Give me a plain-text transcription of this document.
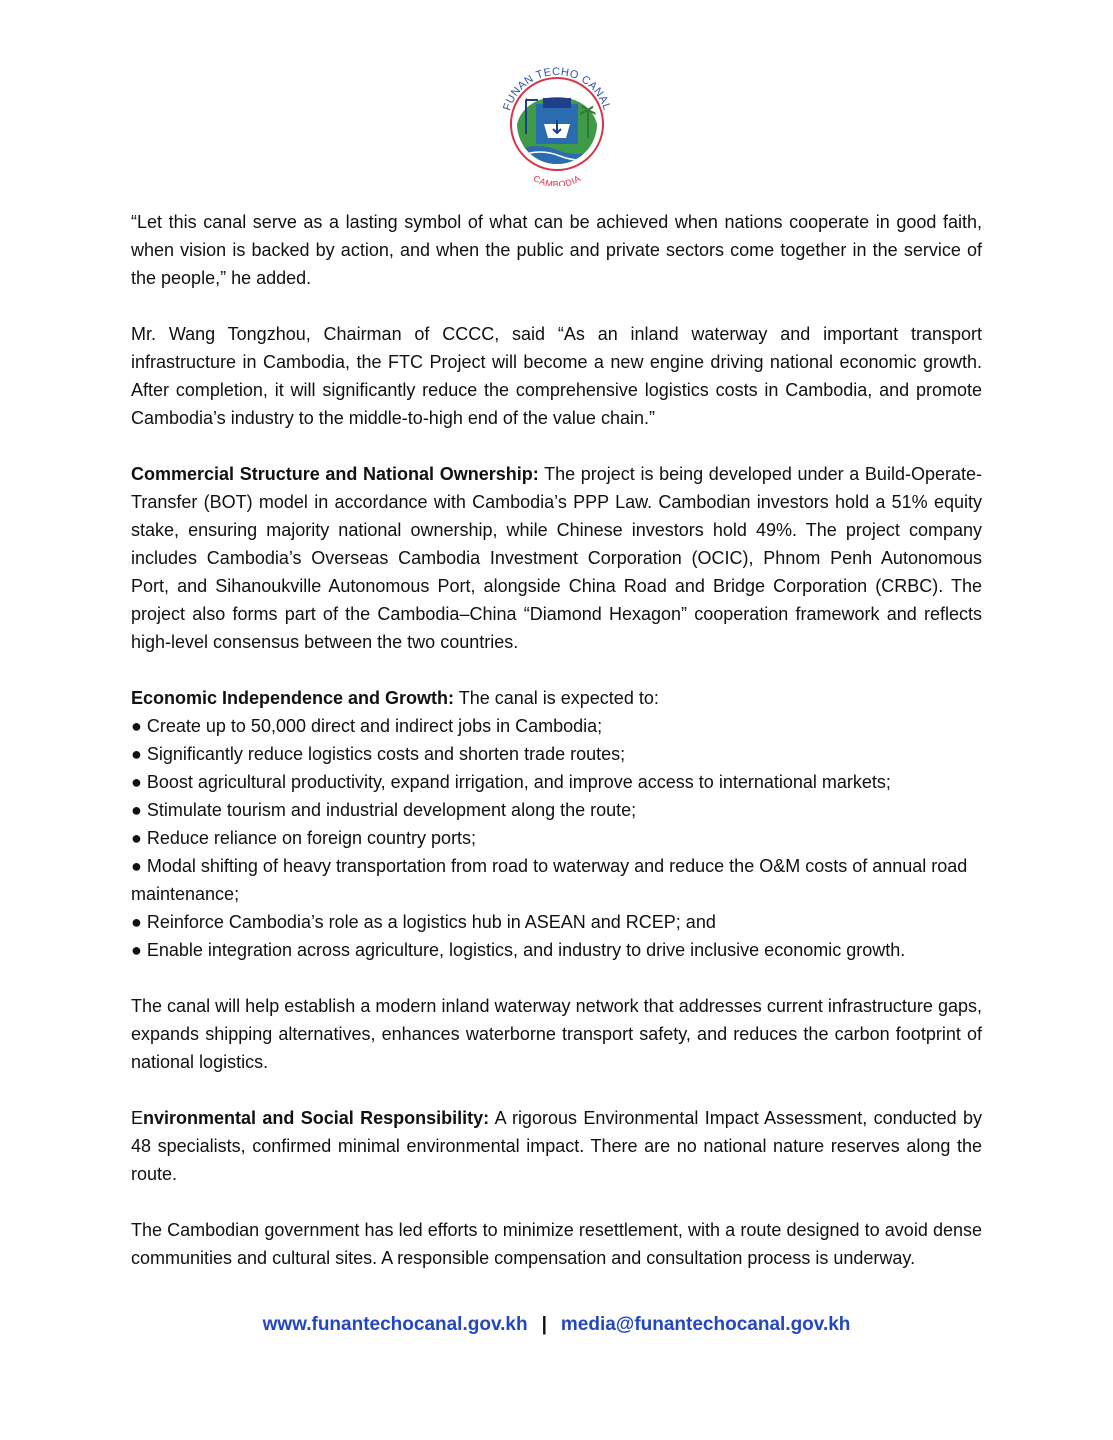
FUNAN TECHO CANAL
CAMBODIA

“Let this canal serve as a lasting symbol of what can be achieved when nations cooperate in good faith, when vision is backed by action, and when the public and private sectors come together in the service of the people,” he added.

Mr. Wang Tongzhou, Chairman of CCCC, said “As an inland waterway and important transport infrastructure in Cambodia, the FTC Project will become a new engine driving national economic growth. After completion, it will significantly reduce the comprehensive logistics costs in Cambodia, and promote Cambodia’s industry to the middle-to-high end of the value chain.”

Commercial Structure and National Ownership: The project is being developed under a Build-Operate-Transfer (BOT) model in accordance with Cambodia’s PPP Law. Cambodian investors hold a 51% equity stake, ensuring majority national ownership, while Chinese investors hold 49%. The project company includes Cambodia’s Overseas Cambodia Investment Corporation (OCIC), Phnom Penh Autonomous Port, and Sihanoukville Autonomous Port, alongside China Road and Bridge Corporation (CRBC). The project also forms part of the Cambodia–China “Diamond Hexagon” cooperation framework and reflects high-level consensus between the two countries.

Economic Independence and Growth: The canal is expected to:

● Create up to 50,000 direct and indirect jobs in Cambodia;
● Significantly reduce logistics costs and shorten trade routes;
● Boost agricultural productivity, expand irrigation, and improve access to international markets;
● Stimulate tourism and industrial development along the route;
● Reduce reliance on foreign country ports;
● Modal shifting of heavy transportation from road to waterway and reduce the O&M costs of annual road maintenance;
● Reinforce Cambodia’s role as a logistics hub in ASEAN and RCEP; and
● Enable integration across agriculture, logistics, and industry to drive inclusive economic growth.

The canal will help establish a modern inland waterway network that addresses current infrastructure gaps, expands shipping alternatives, enhances waterborne transport safety, and reduces the carbon footprint of national logistics.

Environmental and Social Responsibility: A rigorous Environmental Impact Assessment, conducted by 48 specialists, confirmed minimal environmental impact. There are no national nature reserves along the route.

The Cambodian government has led efforts to minimize resettlement, with a route designed to avoid dense communities and cultural sites. A responsible compensation and consultation process is underway.

www.funantechocanal.gov.kh | media@funantechocanal.gov.kh
